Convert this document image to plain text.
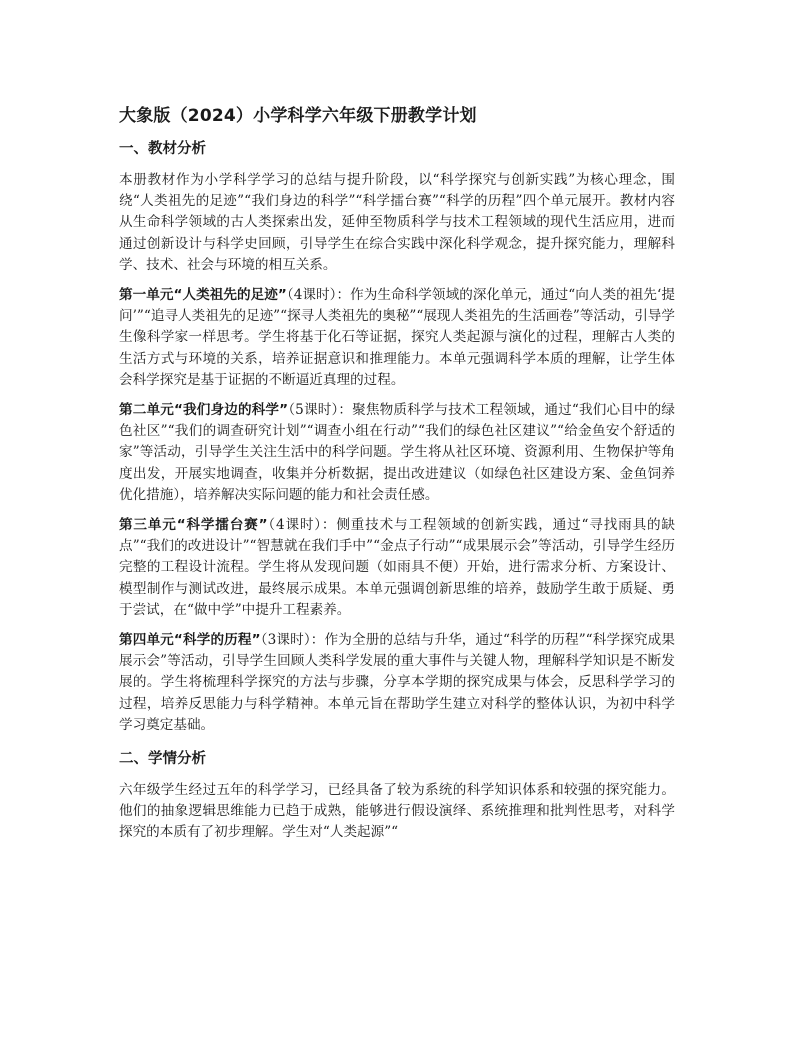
大象版（2024）小学科学六年级下册教学计划
一、教材分析

本册教材作为小学科学学习的总结与提升阶段，以“科学探究与创新实践”为核心理念，围绕“人类祖先的足迹”“我们身边的科学”“科学擂台赛”“科学的历程”四个单元展开。教材内容从生命科学领域的古人类探索出发，延伸至物质科学与技术工程领域的现代生活应用，进而通过创新设计与科学史回顾，引导学生在综合实践中深化科学观念，提升探究能力，理解科学、技术、社会与环境的相互关系。

第一单元“人类祖先的足迹”（4课时）：作为生命科学领域的深化单元，通过“向人类的祖先‘提问’”“追寻人类祖先的足迹”“探寻人类祖先的奥秘”“展现人类祖先的生活画卷”等活动，引导学生像科学家一样思考。学生将基于化石等证据，探究人类起源与演化的过程，理解古人类的生活方式与环境的关系，培养证据意识和推理能力。本单元强调科学本质的理解，让学生体会科学探究是基于证据的不断逼近真理的过程。

第二单元“我们身边的科学”（5课时）：聚焦物质科学与技术工程领域，通过“我们心目中的绿色社区”“我们的调查研究计划”“调查小组在行动”“我们的绿色社区建议”“给金鱼安个舒适的家”等活动，引导学生关注生活中的科学问题。学生将从社区环境、资源利用、生物保护等角度出发，开展实地调查，收集并分析数据，提出改进建议（如绿色社区建设方案、金鱼饲养优化措施），培养解决实际问题的能力和社会责任感。

第三单元“科学擂台赛”（4课时）：侧重技术与工程领域的创新实践，通过“寻找雨具的缺点”“我们的改进设计”“智慧就在我们手中”“金点子行动”“成果展示会”等活动，引导学生经历完整的工程设计流程。学生将从发现问题（如雨具不便）开始，进行需求分析、方案设计、模型制作与测试改进，最终展示成果。本单元强调创新思维的培养，鼓励学生敢于质疑、勇于尝试，在“做中学”中提升工程素养。

第四单元“科学的历程”（3课时）：作为全册的总结与升华，通过“科学的历程”“科学探究成果展示会”等活动，引导学生回顾人类科学发展的重大事件与关键人物，理解科学知识是不断发展的。学生将梳理科学探究的方法与步骤，分享本学期的探究成果与体会，反思科学学习的过程，培养反思能力与科学精神。本单元旨在帮助学生建立对科学的整体认识，为初中科学学习奠定基础。

二、学情分析

六年级学生经过五年的科学学习，已经具备了较为系统的科学知识体系和较强的探究能力。他们的抽象逻辑思维能力已趋于成熟，能够进行假设演绎、系统推理和批判性思考，对科学探究的本质有了初步理解。学生对“人类起源”“
